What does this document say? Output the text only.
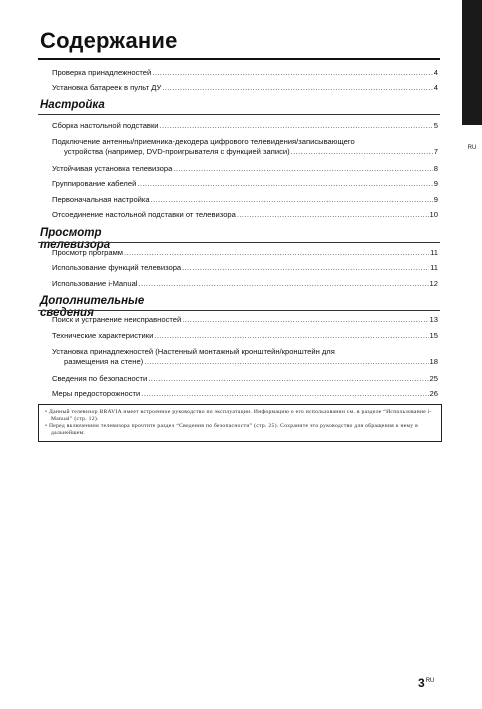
RU
Содержание
Проверка принадлежностей .....	4
Установка батареек в пульт ДУ .....	4
Настройка
Сборка настольной подставки .....	5
Подключение антенны/приемника-декодера цифрового телевидения/записывающего
устройства (например, DVD-проигрывателя с функцией записи) .....	7
Устойчивая установка телевизора .....	8
Группирование кабелей .....	9
Первоначальная настройка .....	9
Отсоединение настольной подставки от телевизора .....	10
Просмотр телевизора
Просмотр программ .....	11
Использование функций телевизора .....	11
Использование i-Manual .....	12
Дополнительные сведения
Поиск и устранение неисправностей .....	13
Технические характеристики .....	15
Установка принадлежностей (Настенный монтажный кронштейн/кронштейн для
размещения на стене) .....	18
Сведения по безопасности .....	25
Меры предосторожности .....	26

• Данный телевизор BRAVIA имеет встроенное руководство по эксплуатации. Информацию о его использовании см. в разделе “Использование i-Manual” (стр. 12).

• Перед включением телевизора прочтите раздел “Сведения по безопасности” (стр. 25). Сохраните это руководство для обращения к нему в дальнейшем.

$3^{RU}$
